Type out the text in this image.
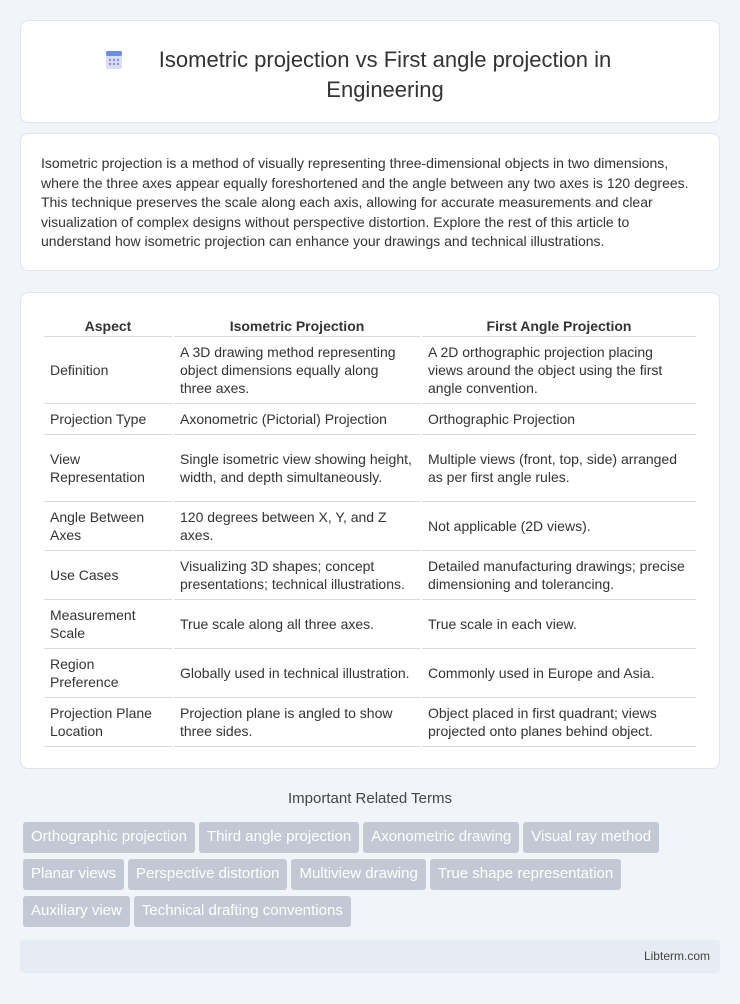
Isometric projection vs First angle projection in Engineering

Isometric projection is a method of visually representing three-dimensional objects in two dimensions, where the three axes appear equally foreshortened and the angle between any two axes is 120 degrees. This technique preserves the scale along each axis, allowing for accurate measurements and clear visualization of complex designs without perspective distortion. Explore the rest of this article to understand how isometric projection can enhance your drawings and technical illustrations.

Aspect	Isometric Projection	First Angle Projection
Definition	A 3D drawing method representing object dimensions equally along three axes.	A 2D orthographic projection placing views around the object using the first angle convention.
Projection Type	Axonometric (Pictorial) Projection	Orthographic Projection
View Representation	Single isometric view showing height, width, and depth simultaneously.	Multiple views (front, top, side) arranged as per first angle rules.
Angle Between Axes	120 degrees between X, Y, and Z axes.	Not applicable (2D views).
Use Cases	Visualizing 3D shapes; concept presentations; technical illustrations.	Detailed manufacturing drawings; precise dimensioning and tolerancing.
Measurement Scale	True scale along all three axes.	True scale in each view.
Region Preference	Globally used in technical illustration.	Commonly used in Europe and Asia.
Projection Plane Location	Projection plane is angled to show three sides.	Object placed in first quadrant; views projected onto planes behind object.
Important Related Terms
Orthographic projection Third angle projection Axonometric drawing Visual ray method
Planar views Perspective distortion Multiview drawing True shape representation
Auxiliary view Technical drafting conventions
Libterm.com
